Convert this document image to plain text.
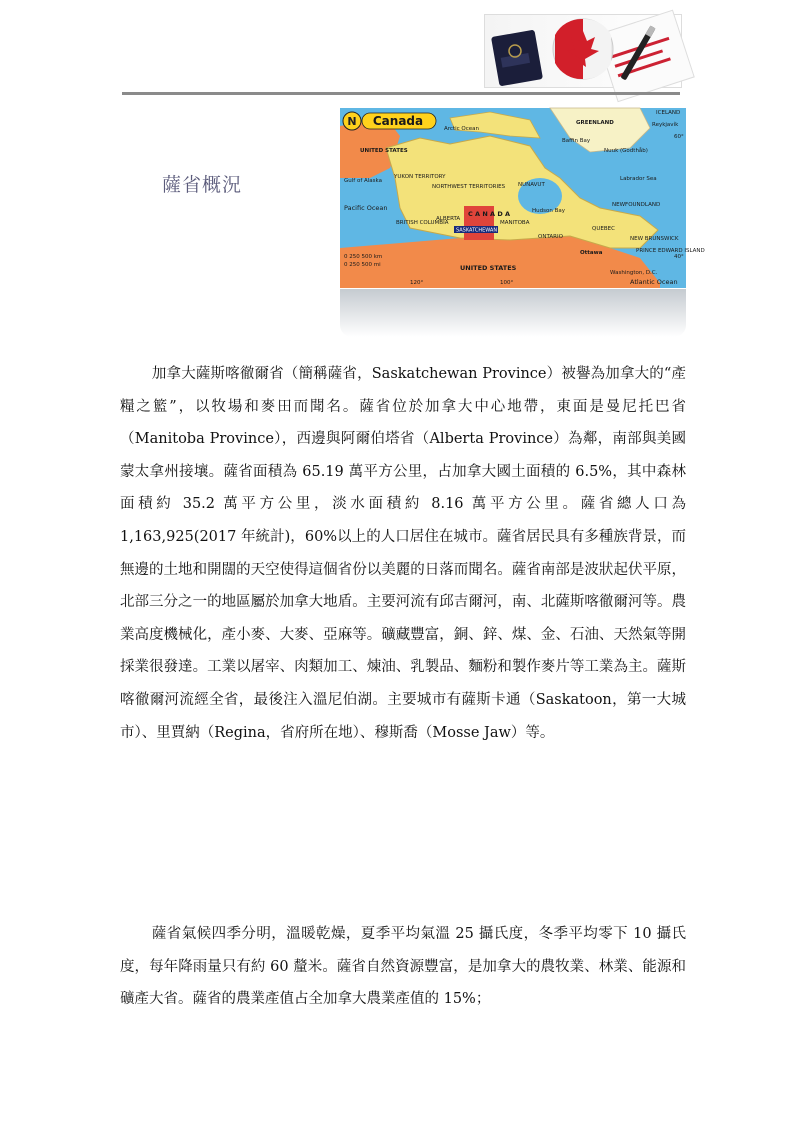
薩省概況
N Canada
Arctic Ocean
GREENLAND
ICELAND
Reykjavík
Baffin Bay
Nuuk (Godthåb)
Labrador Sea
UNITED STATES
Gulf of Alaska
YUKON TERRITORY
NORTHWEST TERRITORIES NUNAVUT
Hudson Bay
NEWFOUNDLAND
Pacific Ocean
BRITISH COLUMBIA
ALBERTA
C A N A D A
MANITOBA
SASKATCHEWAN
ONTARIO
QUEBEC
NEW BRUNSWICK
PRINCE EDWARD ISLAND
Ottawa
Washington, D.C.
Atlantic Ocean
UNITED STATES
0 250 500 km
0 250 500 mi
120°	100°
60°
40°

加拿大薩斯喀徹爾省（簡稱薩省，Saskatchewan Province）被譽為加拿大的“產糧之籃”，以牧場和麥田而聞名。薩省位於加拿大中心地帶，東面是曼尼托巴省（Manitoba Province），西邊與阿爾伯塔省（Alberta Province）為鄰，南部與美國蒙太拿州接壤。薩省面積為 65.19 萬平方公里，占加拿大國土面積的 6.5%，其中森林面積約 35.2 萬平方公里，淡水面積約 8.16 萬平方公里。薩省總人口為 1,163,925(2017 年統計)，60%以上的人口居住在城市。薩省居民具有多種族背景，而無邊的土地和開闊的天空使得這個省份以美麗的日落而聞名。薩省南部是波狀起伏平原，北部三分之一的地區屬於加拿大地盾。主要河流有邱吉爾河，南、北薩斯喀徹爾河等。農業高度機械化，產小麥、大麥、亞麻等。礦藏豐富，銅、鋅、煤、金、石油、天然氣等開採業很發達。工業以屠宰、肉類加工、煉油、乳製品、麵粉和製作麥片等工業為主。薩斯喀徹爾河流經全省，最後注入溫尼伯湖。主要城市有薩斯卡通（Saskatoon，第一大城市）、里賈納（Regina，省府所在地）、穆斯喬（Mosse Jaw）等。

薩省氣候四季分明，溫暖乾燥，夏季平均氣溫 25 攝氏度，冬季平均零下 10 攝氏度，每年降雨量只有約 60 釐米。薩省自然資源豐富，是加拿大的農牧業、林業、能源和礦產大省。薩省的農業產值占全加拿大農業產值的 15%；
